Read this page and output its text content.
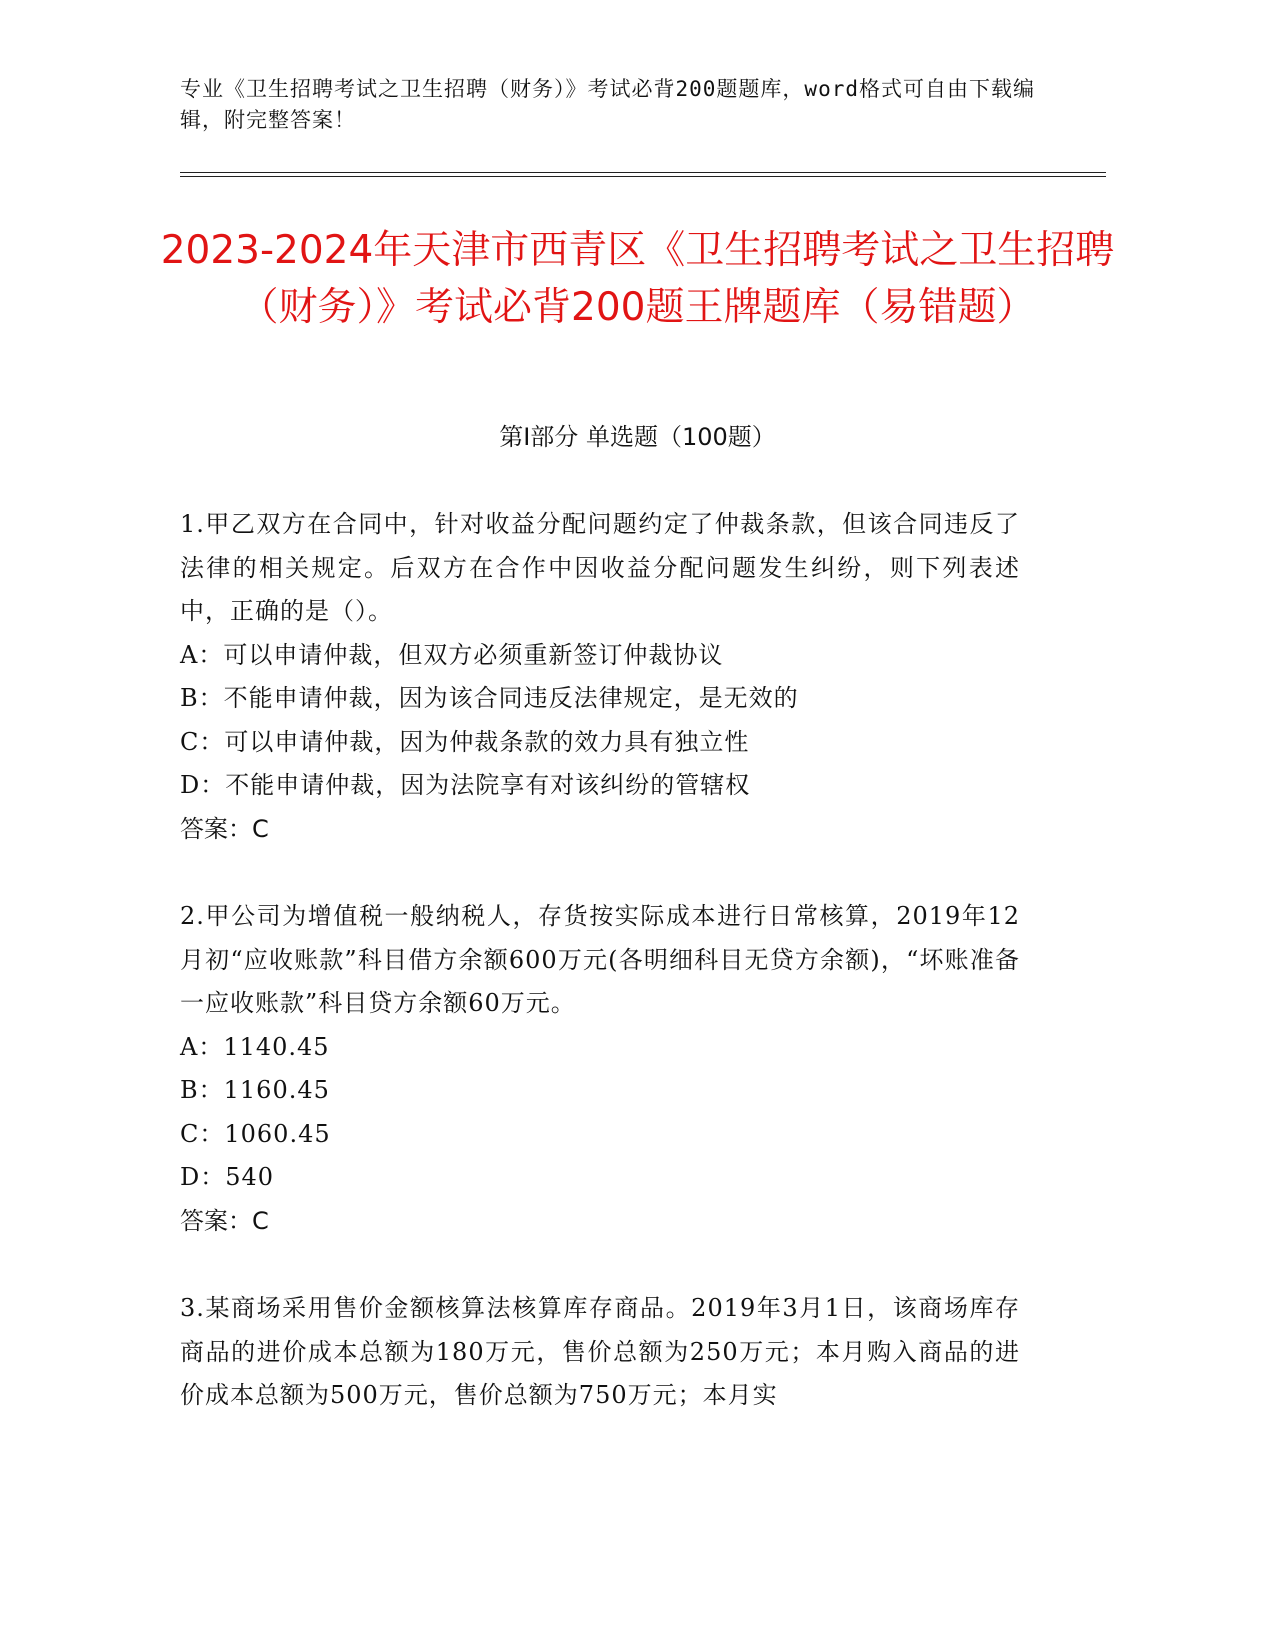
专业《卫生招聘考试之卫生招聘（财务）》考试必背200题题库，word格式可自由下载编辑，附完整答案！
2023-2024年天津市西青区《卫生招聘考试之卫生招聘（财务）》考试必背200题王牌题库（易错题）
第Ⅰ部分 单选题（100题）

1.甲乙双方在合同中，针对收益分配问题约定了仲裁条款，但该合同违反了法律的相关规定。后双方在合作中因收益分配问题发生纠纷，则下列表述中，正确的是（）。

A：可以申请仲裁，但双方必须重新签订仲裁协议

B：不能申请仲裁，因为该合同违反法律规定，是无效的

C：可以申请仲裁，因为仲裁条款的效力具有独立性

D：不能申请仲裁，因为法院享有对该纠纷的管辖权

答案：C

2.甲公司为增值税一般纳税人，存货按实际成本进行日常核算，2019年12月初“应收账款”科目借方余额600万元(各明细科目无贷方余额)，“坏账准备一应收账款”科目贷方余额60万元。

A：1140.45

B：1160.45

C：1060.45

D：540

答案：C

3.某商场采用售价金额核算法核算库存商品。2019年3月1日，该商场库存商品的进价成本总额为180万元，售价总额为250万元；本月购入商品的进价成本总额为500万元，售价总额为750万元；本月实
